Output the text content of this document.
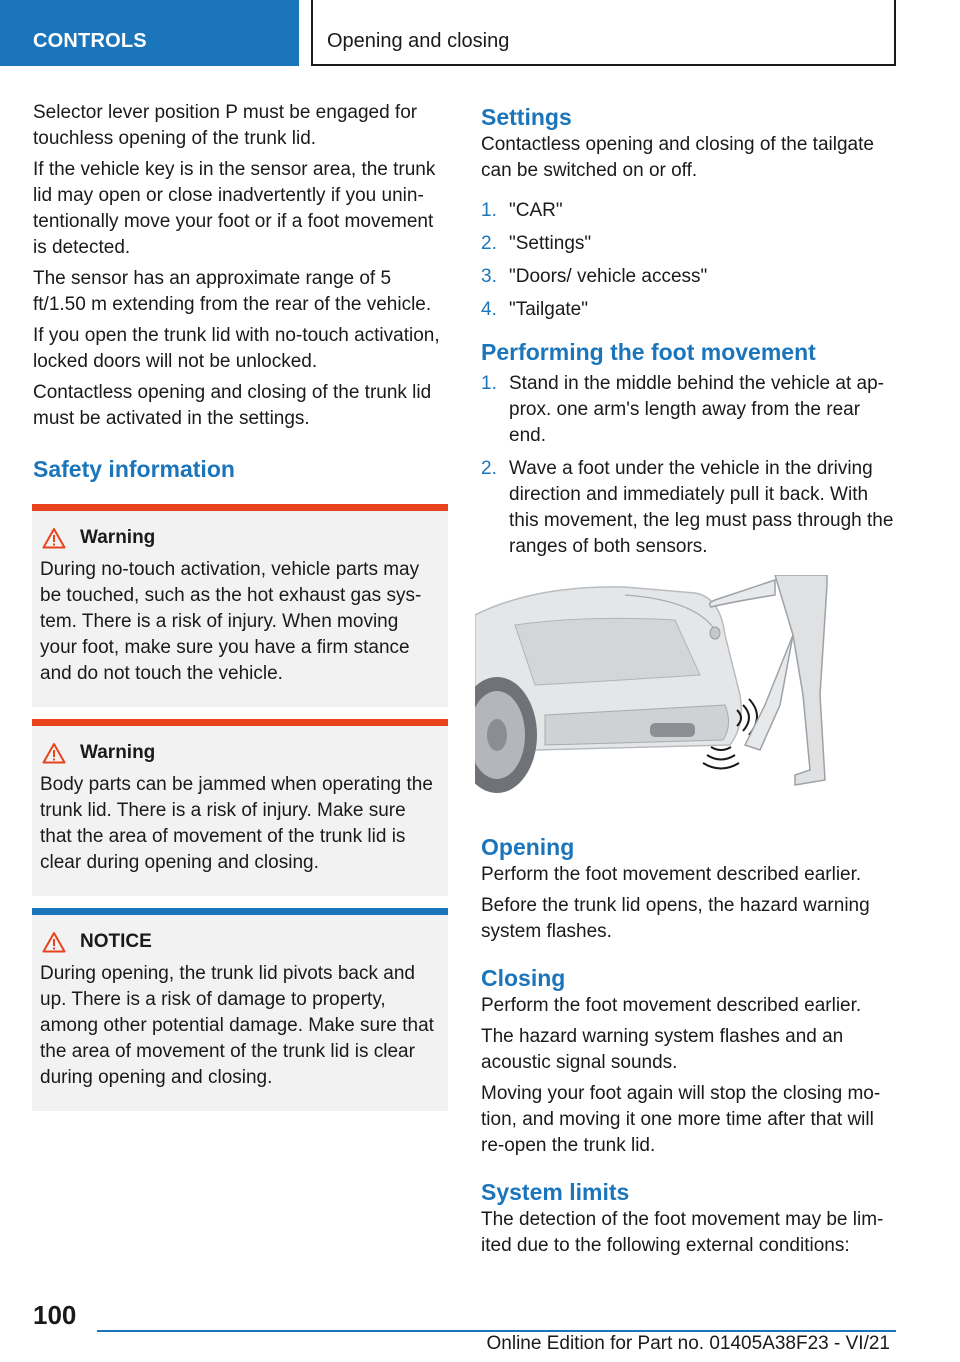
CONTROLS	Opening and closing

Selector lever position P must be engaged for touchless opening of the trunk lid.

If the vehicle key is in the sensor area, the trunk lid may open or close inadvertently if you unintentionally move your foot or if a foot movement is detected.

The sensor has an approximate range of 5 ft/1.50 m extending from the rear of the vehicle.

If you open the trunk lid with no-touch activation, locked doors will not be unlocked.

Contactless opening and closing of the trunk lid must be activated in the settings.

Safety information
Warning

During no-touch activation, vehicle parts may be touched, such as the hot exhaust gas system. There is a risk of injury. When moving your foot, make sure you have a firm stance and do not touch the vehicle.

Warning

Body parts can be jammed when operating the trunk lid. There is a risk of injury. Make sure that the area of movement of the trunk lid is clear during opening and closing.

NOTICE

During opening, the trunk lid pivots back and up. There is a risk of damage to property, among other potential damage. Make sure that the area of movement of the trunk lid is clear during opening and closing.

Settings

Contactless opening and closing of the tailgate can be switched on or off.

1. "CAR"
2. "Settings"
3. "Doors/ vehicle access"
4. "Tailgate"
Performing the foot movement
1. Stand in the middle behind the vehicle at approx. one arm's length away from the rear end.
2. Wave a foot under the vehicle in the driving direction and immediately pull it back. With this movement, the leg must pass through the ranges of both sensors.
Opening

Perform the foot movement described earlier.

Before the trunk lid opens, the hazard warning system flashes.

Closing

Perform the foot movement described earlier.

The hazard warning system flashes and an acoustic signal sounds.

Moving your foot again will stop the closing motion, and moving it one more time after that will re-open the trunk lid.

System limits

The detection of the foot movement may be limited due to the following external conditions:

100
Online Edition for Part no. 01405A38F23 - VI/21
